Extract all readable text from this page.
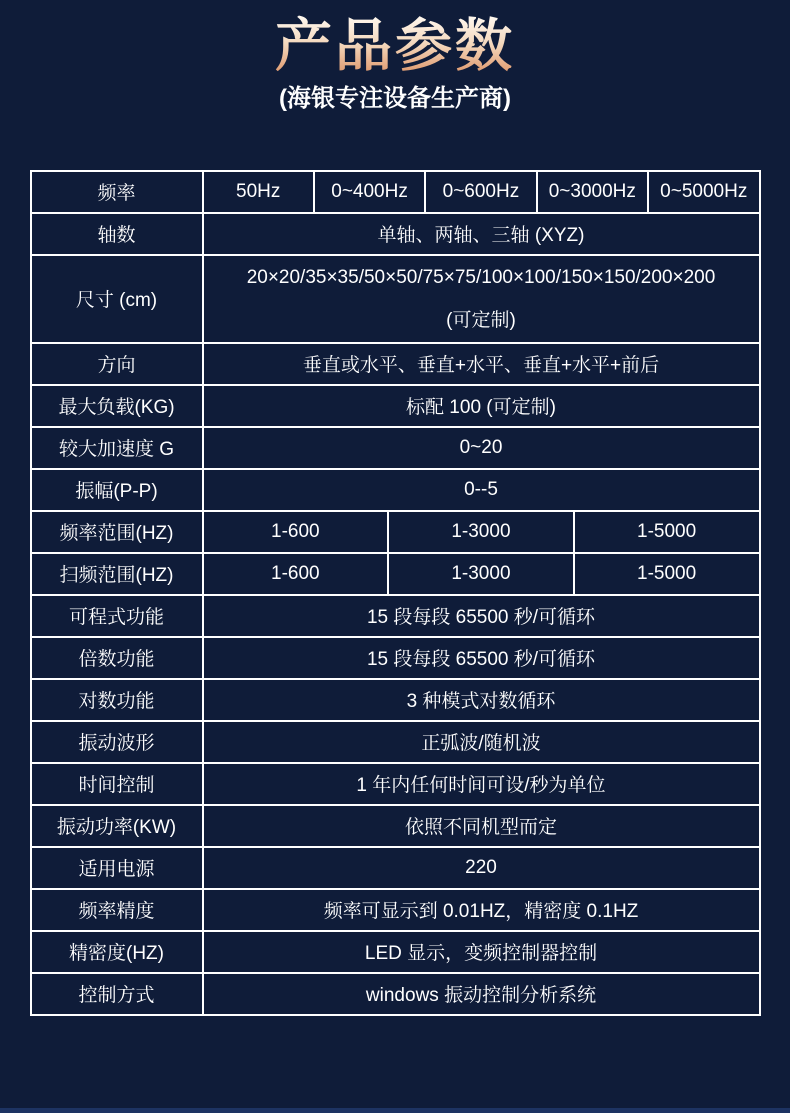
产品参数
(海银专注设备生产商)
频率	50Hz	0~400Hz		0~600Hz	0~3000Hz		0~5000Hz
轴数	单轴、两轴、三轴 (XYZ)						
尺寸 (cm)	20×20/35×35/50×50/75×75/100×100/150×150/200×200
(可定制)						

方向	垂直或水平、垂直+水平、垂直+水平+前后						
最大负载(KG)	标配 100 (可定制)						
较大加速度 G	0~20						
振幅(P-P)	0--5						
频率范围(HZ)	1-600		1-3000			1-5000	
扫频范围(HZ)	1-600		1-3000			1-5000	
可程式功能	15 段每段 65500 秒/可循环						
倍数功能	15 段每段 65500 秒/可循环						
对数功能	3 种模式对数循环						
振动波形	正弧波/随机波						
时间控制	1 年内任何时间可设/秒为单位						
振动功率(KW)	依照不同机型而定						
适用电源	220						
频率精度	频率可显示到 0.01HZ，精密度 0.1HZ						
精密度(HZ)	LED 显示，变频控制器控制						
控制方式	windows 振动控制分析系统						
